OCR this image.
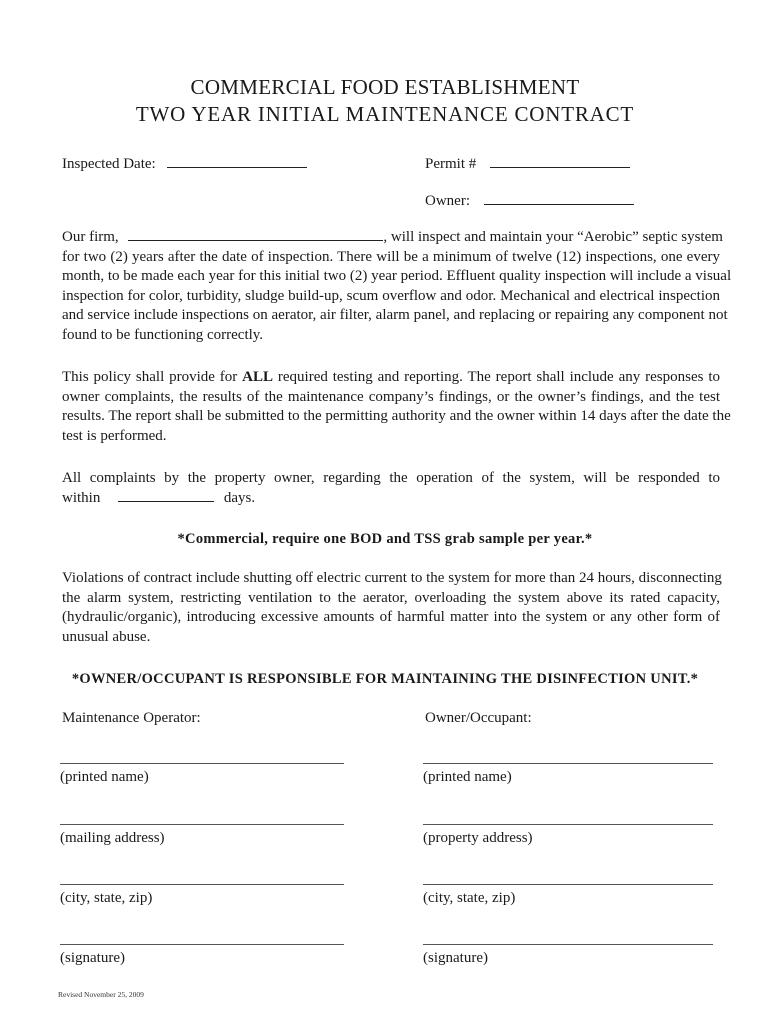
COMMERCIAL FOOD ESTABLISHMENT
TWO YEAR INITIAL MAINTENANCE CONTRACT
Inspected Date:	Permit #
Owner:
Our firm,	, will inspect and maintain your “Aerobic” septic system
for two (2) years after the date of inspection. There will be a minimum of twelve (12) inspections, one every
month, to be made each year for this initial two (2) year period. Effluent quality inspection will include a visual
inspection for color, turbidity, sludge build-up, scum overflow and odor. Mechanical and electrical inspection
and service include inspections on aerator, air filter, alarm panel, and replacing or repairing any component not
found to be functioning correctly.
This policy shall provide for ALL required testing and reporting. The report shall include any responses to
owner complaints, the results of the maintenance company’s findings, or the owner’s findings, and the test
results. The report shall be submitted to the permitting authority and the owner within 14 days after the date the
test is performed.
All complaints by the property owner, regarding the operation of the system, will be responded to
within	days.
*Commercial, require one BOD and TSS grab sample per year.*
Violations of contract include shutting off electric current to the system for more than 24 hours, disconnecting
the alarm system, restricting ventilation to the aerator, overloading the system above its rated capacity,
(hydraulic/organic), introducing excessive amounts of harmful matter into the system or any other form of
unusual abuse.
*OWNER/OCCUPANT IS RESPONSIBLE FOR MAINTAINING THE DISINFECTION UNIT.*
Maintenance Operator:	Owner/Occupant:
(printed name)	(printed name)
(mailing address)	(property address)
(city, state, zip)	(city, state, zip)
(signature)	(signature)
Revised November 25, 2009
